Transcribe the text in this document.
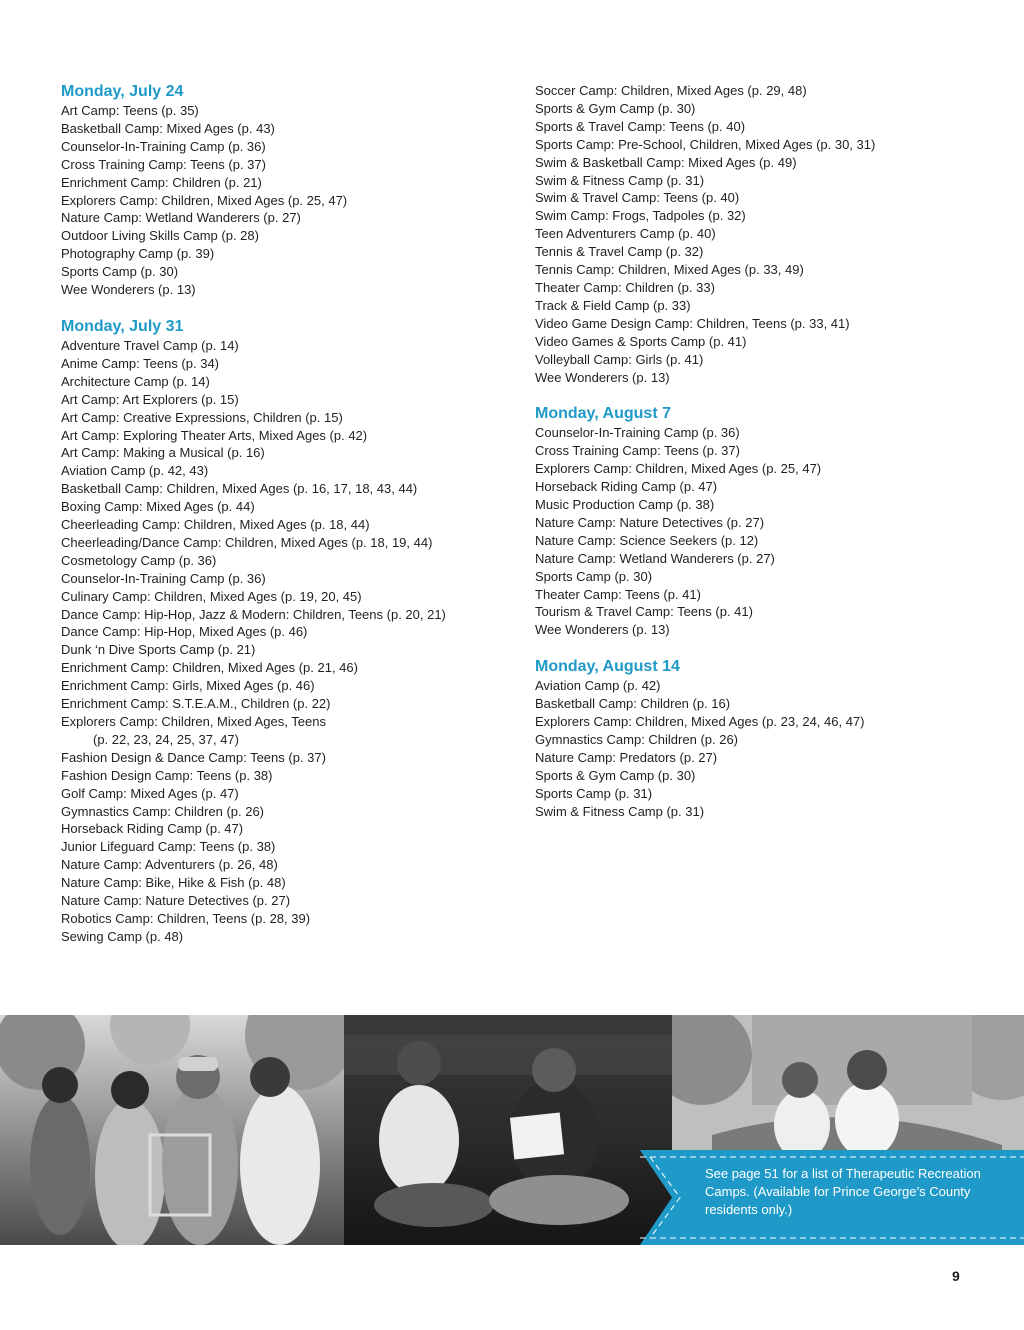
Monday, July 24
Art Camp: Teens (p. 35)
Basketball Camp: Mixed Ages (p. 43)
Counselor-In-Training Camp (p. 36)
Cross Training Camp: Teens (p. 37)
Enrichment Camp: Children (p. 21)
Explorers Camp: Children, Mixed Ages (p. 25, 47)
Nature Camp: Wetland Wanderers (p. 27)
Outdoor Living Skills Camp (p. 28)
Photography Camp (p. 39)
Sports Camp (p. 30)
Wee Wonderers (p. 13)
Monday, July 31
Adventure Travel Camp (p. 14)
Anime Camp: Teens (p. 34)
Architecture Camp (p. 14)
Art Camp: Art Explorers (p. 15)
Art Camp: Creative Expressions, Children (p. 15)
Art Camp: Exploring Theater Arts, Mixed Ages (p. 42)
Art Camp: Making a Musical (p. 16)
Aviation Camp (p. 42, 43)
Basketball Camp: Children, Mixed Ages (p. 16, 17, 18, 43, 44)
Boxing Camp: Mixed Ages (p. 44)
Cheerleading Camp: Children, Mixed Ages (p. 18, 44)
Cheerleading/Dance Camp: Children, Mixed Ages (p. 18, 19, 44)
Cosmetology Camp (p. 36)
Counselor-In-Training Camp (p. 36)
Culinary Camp: Children, Mixed Ages (p. 19, 20, 45)
Dance Camp: Hip-Hop, Jazz & Modern: Children, Teens (p. 20, 21)
Dance Camp: Hip-Hop, Mixed Ages (p. 46)
Dunk ‘n Dive Sports Camp (p. 21)
Enrichment Camp: Children, Mixed Ages (p. 21, 46)
Enrichment Camp: Girls, Mixed Ages (p. 46)
Enrichment Camp: S.T.E.A.M., Children (p. 22)
Explorers Camp: Children, Mixed Ages, Teens
(p. 22, 23, 24, 25, 37, 47)
Fashion Design & Dance Camp: Teens (p. 37)
Fashion Design Camp: Teens (p. 38)
Golf Camp: Mixed Ages (p. 47)
Gymnastics Camp: Children (p. 26)
Horseback Riding Camp (p. 47)
Junior Lifeguard Camp: Teens (p. 38)
Nature Camp: Adventurers (p. 26, 48)
Nature Camp: Bike, Hike & Fish (p. 48)
Nature Camp: Nature Detectives (p. 27)
Robotics Camp: Children, Teens (p. 28, 39)
Sewing Camp (p. 48)
Soccer Camp: Children, Mixed Ages (p. 29, 48)
Sports & Gym Camp (p. 30)
Sports & Travel Camp: Teens (p. 40)
Sports Camp: Pre-School, Children, Mixed Ages (p. 30, 31)
Swim & Basketball Camp: Mixed Ages (p. 49)
Swim & Fitness Camp (p. 31)
Swim & Travel Camp: Teens (p. 40)
Swim Camp: Frogs, Tadpoles (p. 32)
Teen Adventurers Camp (p. 40)
Tennis & Travel Camp (p. 32)
Tennis Camp: Children, Mixed Ages (p. 33, 49)
Theater Camp: Children (p. 33)
Track & Field Camp (p. 33)
Video Game Design Camp: Children, Teens (p. 33, 41)
Video Games & Sports Camp (p. 41)
Volleyball Camp: Girls (p. 41)
Wee Wonderers (p. 13)
Monday, August 7
Counselor-In-Training Camp (p. 36)
Cross Training Camp: Teens (p. 37)
Explorers Camp: Children, Mixed Ages (p. 25, 47)
Horseback Riding Camp (p. 47)
Music Production Camp (p. 38)
Nature Camp: Nature Detectives (p. 27)
Nature Camp: Science Seekers (p. 12)
Nature Camp: Wetland Wanderers (p. 27)
Sports Camp (p. 30)
Theater Camp: Teens (p. 41)
Tourism & Travel Camp: Teens (p. 41)
Wee Wonderers (p. 13)
Monday, August 14
Aviation Camp (p. 42)
Basketball Camp: Children (p. 16)
Explorers Camp: Children, Mixed Ages (p. 23, 24, 46, 47)
Gymnastics Camp: Children (p. 26)
Nature Camp: Predators (p. 27)
Sports & Gym Camp (p. 30)
Sports Camp (p. 31)
Swim & Fitness Camp (p. 31)
See page 51 for a list of Therapeutic Recreation Camps. (Available for Prince George’s County residents only.)
9
